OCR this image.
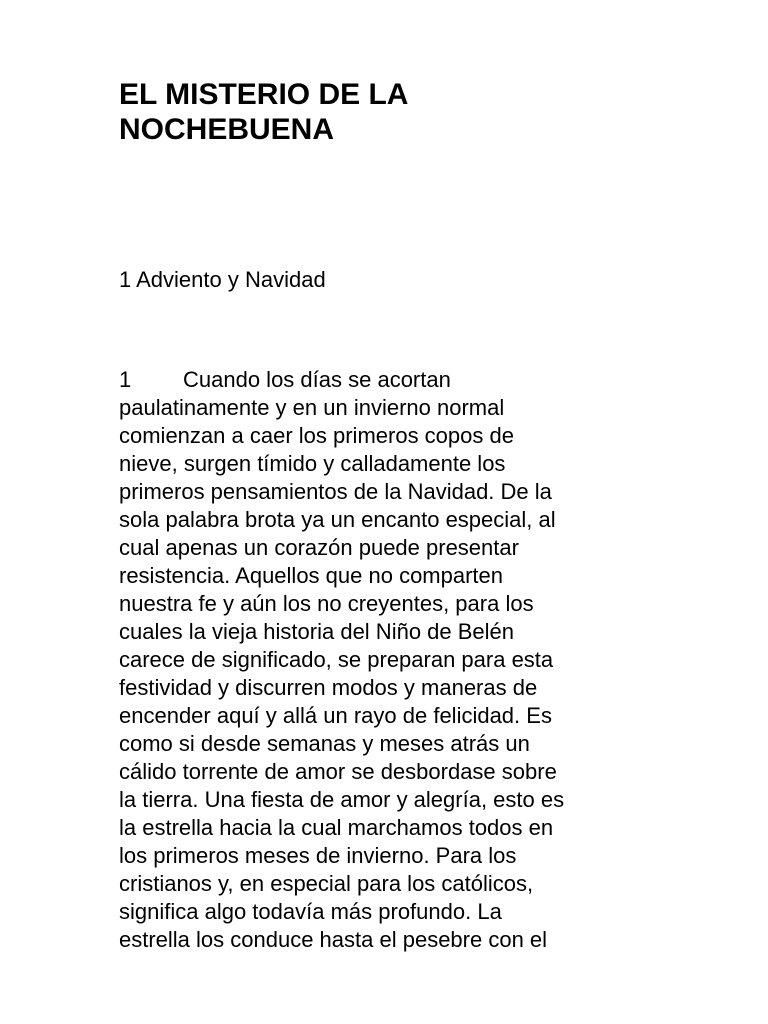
EL MISTERIO DE LA
NOCHEBUENA

1 Adviento y Navidad

1 Cuando los días se acortan
paulatinamente y en un invierno normal
comienzan a caer los primeros copos de
nieve, surgen tímido y calladamente los
primeros pensamientos de la Navidad. De la
sola palabra brota ya un encanto especial, al
cual apenas un corazón puede presentar
resistencia. Aquellos que no comparten
nuestra fe y aún los no creyentes, para los
cuales la vieja historia del Niño de Belén
carece de significado, se preparan para esta
festividad y discurren modos y maneras de
encender aquí y allá un rayo de felicidad. Es
como si desde semanas y meses atrás un
cálido torrente de amor se desbordase sobre
la tierra. Una fiesta de amor y alegría, esto es
la estrella hacia la cual marchamos todos en
los primeros meses de invierno. Para los
cristianos y, en especial para los católicos,
significa algo todavía más profundo. La
estrella los conduce hasta el pesebre con el
